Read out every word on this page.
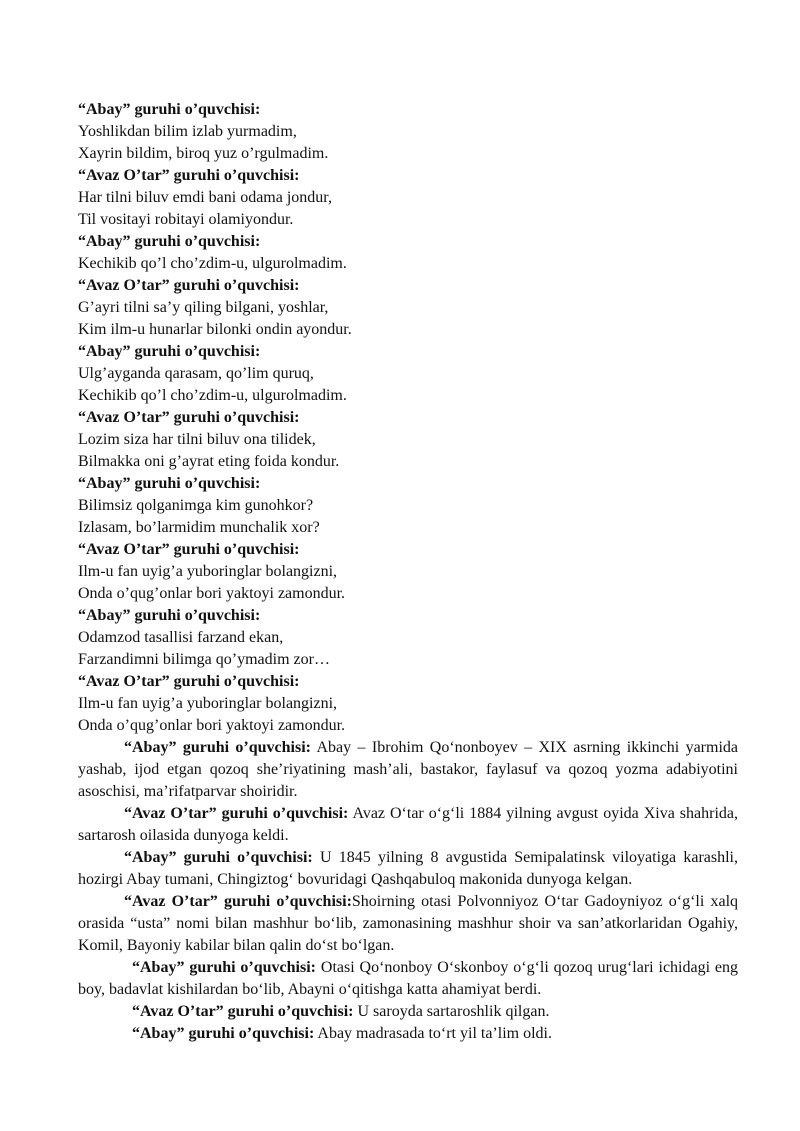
“Abay” guruhi o’quvchisi:
Yoshlikdan bilim izlab yurmadim,
Xayrin bildim, biroq yuz o’rgulmadim.
“Avaz O’tar” guruhi o’quvchisi:
Har tilni biluv emdi bani odama jondur,
Til vositayi robitayi olamiyondur.
“Abay” guruhi o’quvchisi:
Kechikib qo’l cho’zdim-u, ulgurolmadim.
“Avaz O’tar” guruhi o’quvchisi:
G’ayri tilni sa’y qiling bilgani, yoshlar,
Kim ilm-u hunarlar bilonki ondin ayondur.
“Abay” guruhi o’quvchisi:
Ulg’ayganda qarasam, qo’lim quruq,
Kechikib qo’l cho’zdim-u, ulgurolmadim.
“Avaz O’tar” guruhi o’quvchisi:
Lozim siza har tilni biluv ona tilidek,
Bilmakka oni g’ayrat eting foida kondur.
“Abay” guruhi o’quvchisi:
Bilimsiz qolganimga kim gunohkor?
Izlasam, bo’larmidim munchalik xor?
“Avaz O’tar” guruhi o’quvchisi:
Ilm-u fan uyig’a yuboringlar bolangizni,
Onda o’qug’onlar bori yaktoyi zamondur.
“Abay” guruhi o’quvchisi:
Odamzod tasallisi farzand ekan,
Farzandimni bilimga qo’ymadim zor…
“Avaz O’tar” guruhi o’quvchisi:
Ilm-u fan uyig’a yuboringlar bolangizni,
Onda o’qug’onlar bori yaktoyi zamondur.
“Abay” guruhi o’quvchisi: Abay – Ibrohim Qo‘nonboyev – XIX asrning ikkinchi yarmida yashab, ijod etgan qozoq she’riyatining mash’ali, bastakor, faylasuf va qozoq yozma adabiyotini asoschisi, ma’rifatparvar shoiridir.
“Avaz O’tar” guruhi o’quvchisi: Avaz O‘tar o‘g‘li 1884 yilning avgust oyida Xiva shahrida, sartarosh oilasida dunyoga keldi.
“Abay” guruhi o’quvchisi: U 1845 yilning 8 avgustida Semipalatinsk viloyatiga karashli, hozirgi Abay tumani, Chingiztog‘ bovuridagi Qashqabuloq makonida dunyoga kelgan.
“Avaz O’tar” guruhi o’quvchisi:Shoirning otasi Polvonniyoz O‘tar Gadoyniyoz o‘g‘li xalq orasida “usta” nomi bilan mashhur bo‘lib, zamonasining mashhur shoir va san’atkorlaridan Ogahiy, Komil, Bayoniy kabilar bilan qalin do‘st bo‘lgan.
“Abay” guruhi o’quvchisi: Otasi Qo‘nonboy O‘skonboy o‘g‘li qozoq urug‘lari ichidagi eng boy, badavlat kishilardan bo‘lib, Abayni o‘qitishga katta ahamiyat berdi.
“Avaz O’tar” guruhi o’quvchisi: U saroyda sartaroshlik qilgan.
“Abay” guruhi o’quvchisi: Abay madrasada to‘rt yil ta’lim oldi.
